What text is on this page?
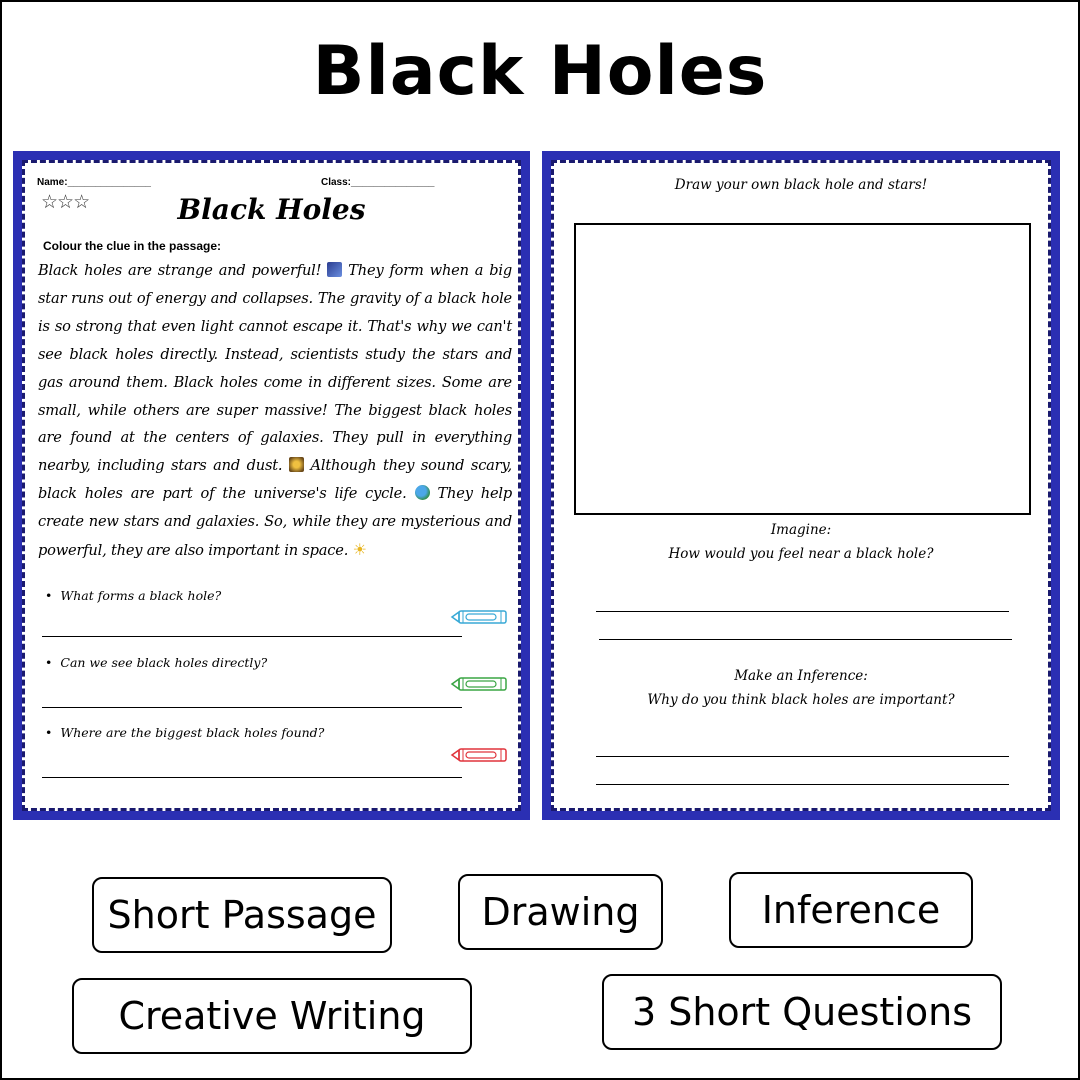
Black Holes
Name:_______________	Class:_______________
☆☆☆	Black Holes
Colour the clue in the passage:
Black holes are strange and powerful!  They form when a big star runs out of energy and collapses. The gravity of a black hole is so strong that even light cannot escape it. That's why we can't see black holes directly. Instead, scientists study the stars and gas around them. Black holes come in different sizes. Some are small, while others are super massive! The biggest black holes are found at the centers of galaxies. They pull in everything nearby, including stars and dust.  Although they sound scary, black holes are part of the universe's life cycle.  They help create new stars and galaxies. So, while they are mysterious and powerful, they are also important in space. ☀
• What forms a black hole?
• Can we see black holes directly?
• Where are the biggest black holes found?
Draw your own black hole and stars!
Imagine:
How would you feel near a black hole?
Make an Inference:
Why do you think black holes are important?
Short Passage	Drawing	Inference
Creative Writing	3 Short Questions
